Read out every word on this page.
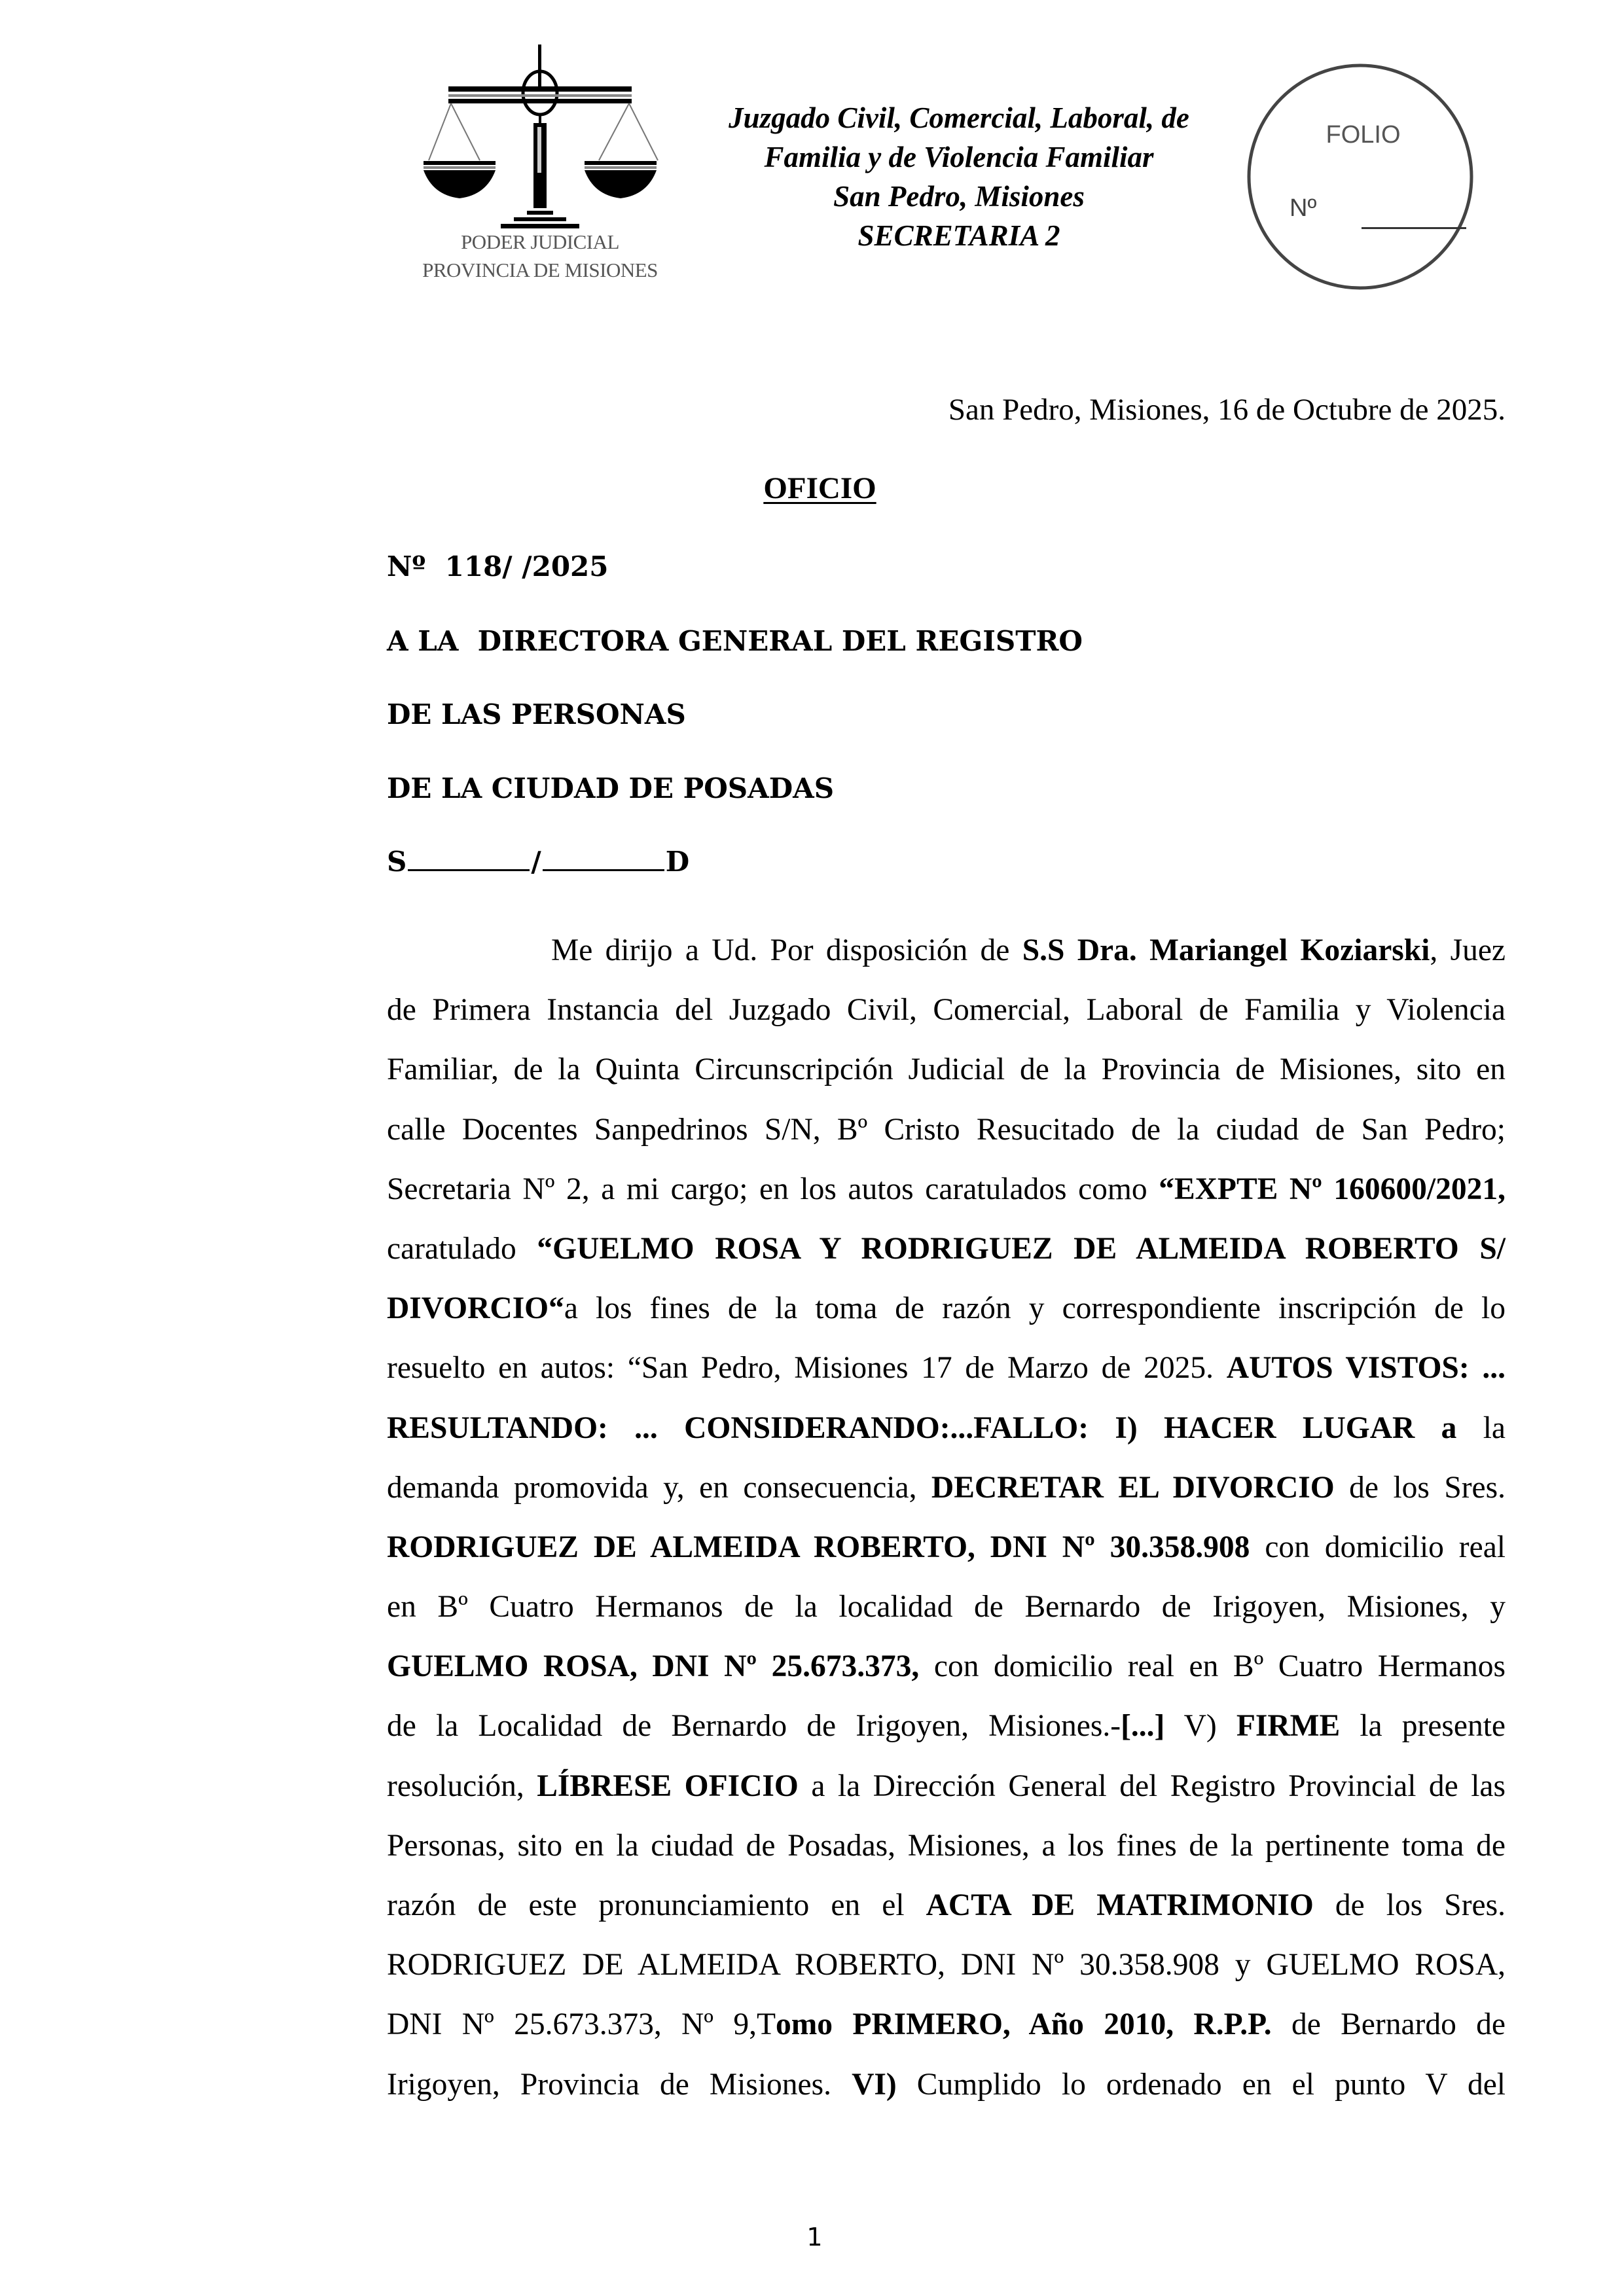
PODER JUDICIAL
PROVINCIA DE MISIONES
Juzgado Civil, Comercial, Laboral, de
Familia y de Violencia Familiar
San Pedro, Misiones
SECRETARIA 2
FOLIO
Nº
San Pedro, Misiones, 16 de Octubre de 2025.
OFICIO
Nº  118/ /2025
A LA  DIRECTORA GENERAL DEL REGISTRO
DE LAS PERSONAS
DE LA CIUDAD DE POSADAS
S	/	D
Me dirijo a Ud. Por disposición de S.S Dra. Mariangel Koziarski, Juez
de Primera Instancia del Juzgado Civil, Comercial, Laboral de Familia y Violencia
Familiar, de la Quinta Circunscripción Judicial de la Provincia de Misiones, sito en
calle Docentes Sanpedrinos S/N, Bº Cristo Resucitado de la ciudad de San Pedro;
Secretaria Nº 2, a mi cargo; en los autos caratulados como “EXPTE Nº 160600/2021,
caratulado “GUELMO ROSA Y RODRIGUEZ DE ALMEIDA ROBERTO S/
DIVORCIO“a los fines de la toma de razón y correspondiente inscripción de lo
resuelto en autos: “San Pedro, Misiones 17 de Marzo de 2025. AUTOS VISTOS: ...
RESULTANDO: ... CONSIDERANDO:...FALLO: I) HACER LUGAR a la
demanda promovida y, en consecuencia, DECRETAR EL DIVORCIO de los Sres.
RODRIGUEZ DE ALMEIDA ROBERTO, DNI Nº 30.358.908 con domicilio real
en Bº Cuatro Hermanos de la localidad de Bernardo de Irigoyen, Misiones, y
GUELMO ROSA, DNI Nº 25.673.373, con domicilio real en Bº Cuatro Hermanos
de la Localidad de Bernardo de Irigoyen, Misiones.-[...] V) FIRME la presente
resolución, LÍBRESE OFICIO a la Dirección General del Registro Provincial de las
Personas, sito en la ciudad de Posadas, Misiones, a los fines de la pertinente toma de
razón de este pronunciamiento en el ACTA DE MATRIMONIO de los Sres.
RODRIGUEZ DE ALMEIDA ROBERTO, DNI Nº 30.358.908 y GUELMO ROSA,
DNI Nº 25.673.373, Nº 9,Tomo PRIMERO, Año 2010, R.P.P. de Bernardo de
Irigoyen, Provincia de Misiones. VI) Cumplido lo ordenado en el punto V del
1
